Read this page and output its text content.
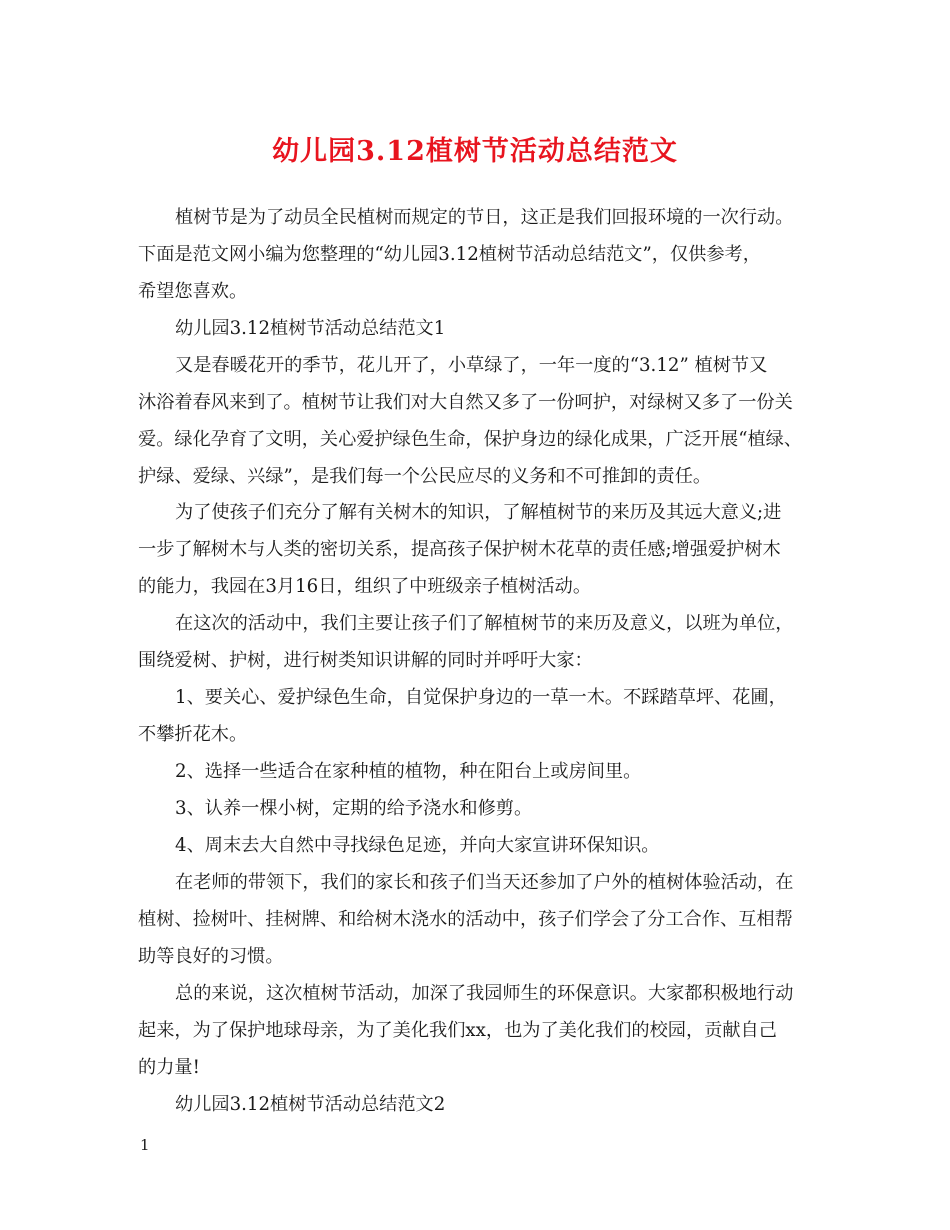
幼儿园3.12植树节活动总结范文
植树节是为了动员全民植树而规定的节日，这正是我们回报环境的一次行动。
下面是范文网小编为您整理的“幼儿园3.12植树节活动总结范文”，仅供参考，
希望您喜欢。
幼儿园3.12植树节活动总结范文1
又是春暖花开的季节，花儿开了，小草绿了，一年一度的“3.12” 植树节又
沐浴着春风来到了。植树节让我们对大自然又多了一份呵护，对绿树又多了一份关
爱。绿化孕育了文明，关心爱护绿色生命，保护身边的绿化成果，广泛开展“植绿、
护绿、爱绿、兴绿”，是我们每一个公民应尽的义务和不可推卸的责任。
为了使孩子们充分了解有关树木的知识，了解植树节的来历及其远大意义;进
一步了解树木与人类的密切关系，提高孩子保护树木花草的责任感;增强爱护树木
的能力，我园在3月16日，组织了中班级亲子植树活动。
在这次的活动中，我们主要让孩子们了解植树节的来历及意义，以班为单位，
围绕爱树、护树，进行树类知识讲解的同时并呼吁大家：
1、要关心、爱护绿色生命，自觉保护身边的一草一木。不踩踏草坪、花圃，
不攀折花木。
2、选择一些适合在家种植的植物，种在阳台上或房间里。
3、认养一棵小树，定期的给予浇水和修剪。
4、周末去大自然中寻找绿色足迹，并向大家宣讲环保知识。
在老师的带领下，我们的家长和孩子们当天还参加了户外的植树体验活动，在
植树、捡树叶、挂树牌、和给树木浇水的活动中，孩子们学会了分工合作、互相帮
助等良好的习惯。
总的来说，这次植树节活动，加深了我园师生的环保意识。大家都积极地行动
起来，为了保护地球母亲，为了美化我们xx，也为了美化我们的校园，贡献自己
的力量!
幼儿园3.12植树节活动总结范文2
1
